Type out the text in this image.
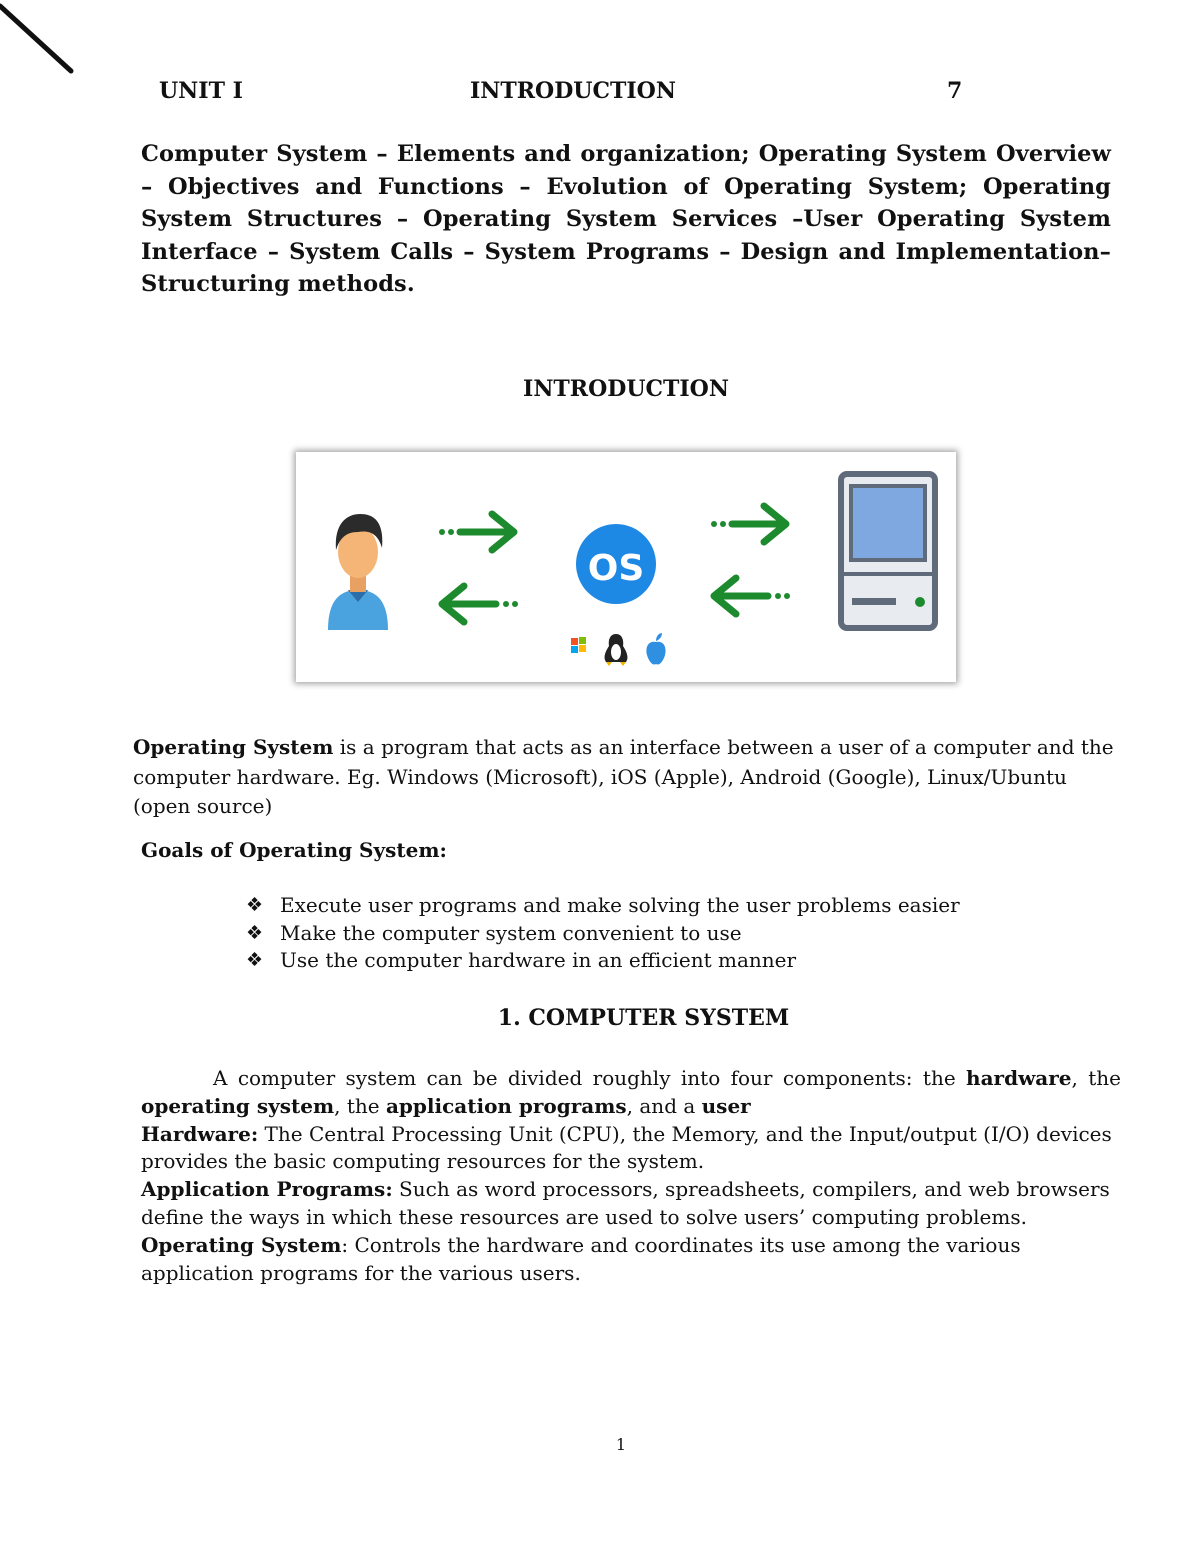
UNIT I	INTRODUCTION	7

Computer System – Elements and organization; Operating System Overview – Objectives and Functions – Evolution of Operating System; Operating System Structures – Operating System Services –User Operating System Interface – System Calls – System Programs – Design and Implementation– Structuring methods.

INTRODUCTION
OS

Operating System is a program that acts as an interface between a user of a computer and the computer hardware. Eg. Windows (Microsoft), iOS (Apple), Android (Google), Linux/Ubuntu (open source)

Goals of Operating System:

❖ Execute user programs and make solving the user problems easier
❖ Make the computer system convenient to use
❖ Use the computer hardware in an efficient manner
1. COMPUTER SYSTEM

A computer system can be divided roughly into four components: the hardware, the operating system, the application programs, and a user

Hardware: The Central Processing Unit (CPU), the Memory, and the Input/output (I/O) devices provides the basic computing resources for the system.

Application Programs: Such as word processors, spreadsheets, compilers, and web browsers define the ways in which these resources are used to solve users’ computing problems.

Operating System: Controls the hardware and coordinates its use among the various application programs for the various users.

1
